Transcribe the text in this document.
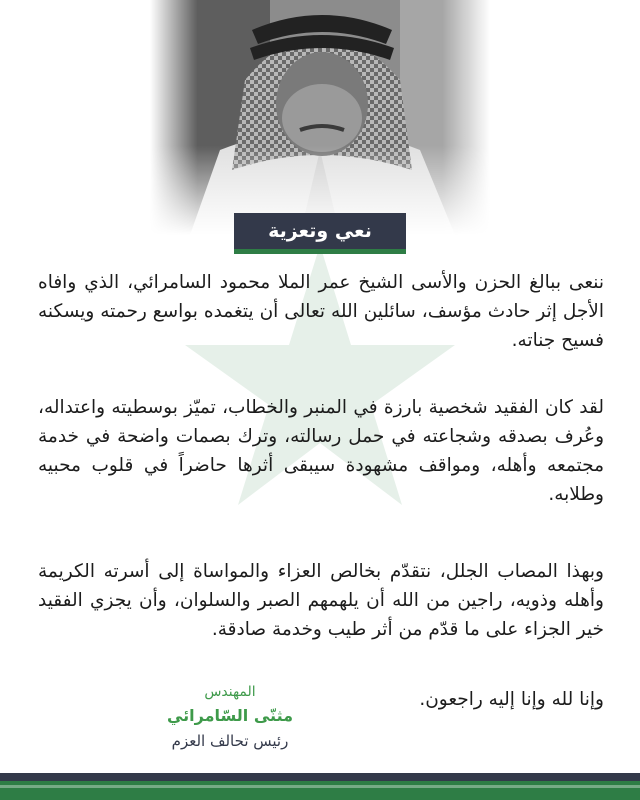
نعي وتعزية

ننعى ببالغ الحزن والأسى الشيخ عمر الملا محمود السامرائي، الذي وافاه الأجل إثر حادث مؤسف، سائلين الله تعالى أن يتغمده بواسع رحمته ويسكنه فسيح جناته.

لقد كان الفقيد شخصية بارزة في المنبر والخطاب، تميّز بوسطيته واعتداله، وعُرف بصدقه وشجاعته في حمل رسالته، وترك بصمات واضحة في خدمة مجتمعه وأهله، ومواقف مشهودة سيبقى أثرها حاضراً في قلوب محبيه وطلابه.

وبهذا المصاب الجلل، نتقدّم بخالص العزاء والمواساة إلى أسرته الكريمة وأهله وذويه، راجين من الله أن يلهمهم الصبر والسلوان، وأن يجزي الفقيد خير الجزاء على ما قدّم من أثر طيب وخدمة صادقة.

وإنا لله وإنا إليه راجعون.

المهندس
مثنّى السّامرائي
رئيس تحالف العزم
